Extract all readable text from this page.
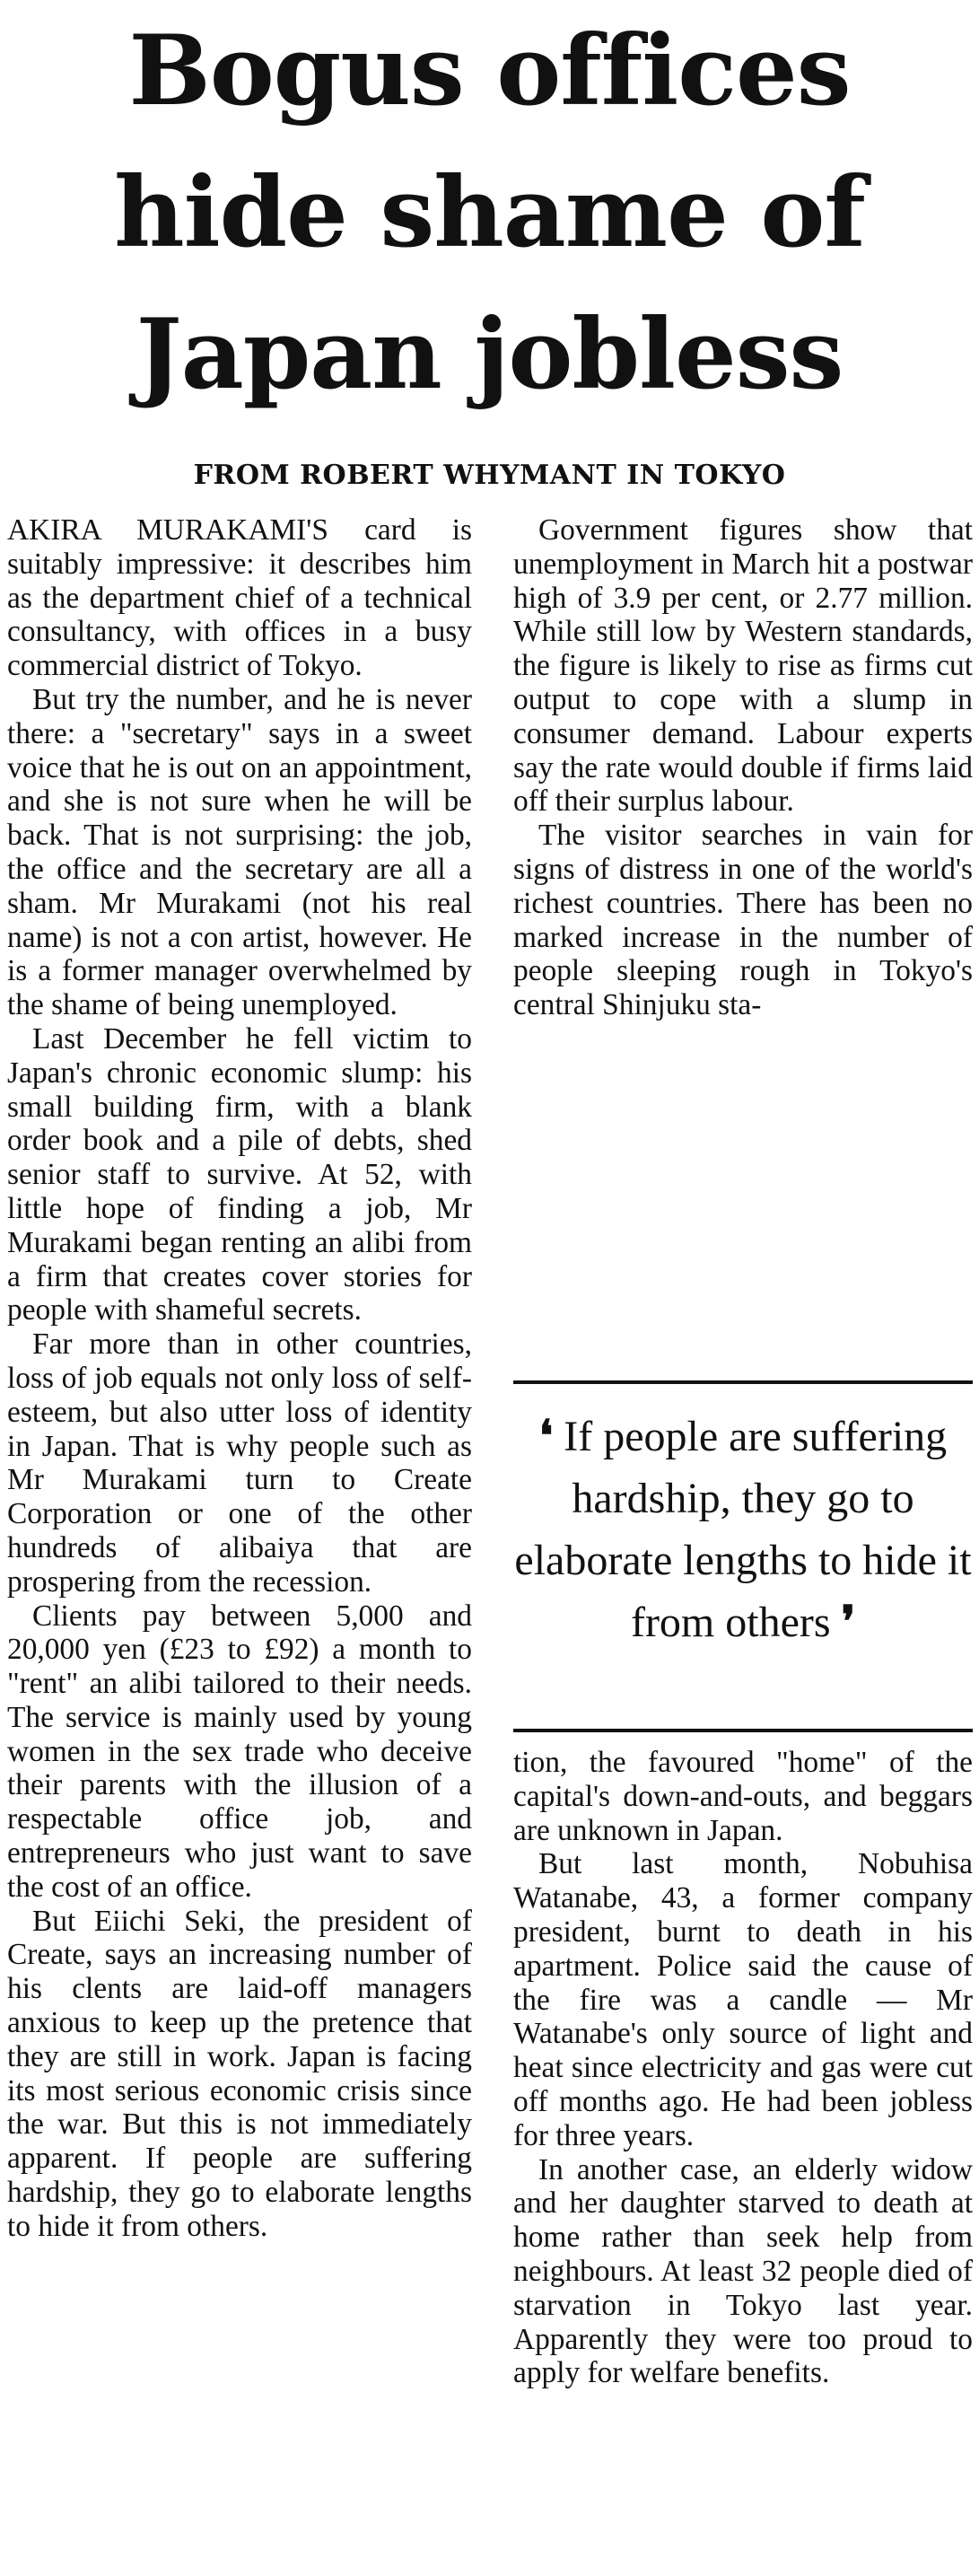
Bogus offices
hide shame of
Japan jobless
FROM ROBERT WHYMANT IN TOKYO

AKIRA MURAKAMI'S card is suitably impressive: it describes him as the department chief of a technical consultancy, with offices in a busy commercial district of Tokyo.

But try the number, and he is never there: a "secretary" says in a sweet voice that he is out on an appointment, and she is not sure when he will be back. That is not surprising: the job, the office and the secretary are all a sham. Mr Murakami (not his real name) is not a con artist, however. He is a former manager overwhelmed by the shame of being unemployed.

Last December he fell victim to Japan's chronic economic slump: his small building firm, with a blank order book and a pile of debts, shed senior staff to survive. At 52, with little hope of finding a job, Mr Murakami began renting an alibi from a firm that creates cover stories for people with shameful secrets.

Far more than in other countries, loss of job equals not only loss of self-esteem, but also utter loss of identity in Japan. That is why people such as Mr Murakami turn to Create Corporation or one of the other hundreds of alibaiya that are prospering from the recession.

Clients pay between 5,000 and 20,000 yen (£23 to £92) a month to "rent" an alibi tailored to their needs. The service is mainly used by young women in the sex trade who deceive their parents with the illusion of a respectable office job, and entrepreneurs who just want to save the cost of an office.

But Eiichi Seki, the president of Create, says an increasing number of his clents are laid-off managers anxious to keep up the pretence that they are still in work. Japan is facing its most serious economic crisis since the war. But this is not immediately apparent. If people are suffering hardship, they go to elaborate lengths to hide it from others.

Government figures show that unemployment in March hit a postwar high of 3.9 per cent, or 2.77 million. While still low by Western standards, the figure is likely to rise as firms cut output to cope with a slump in consumer demand. Labour experts say the rate would double if firms laid off their surplus labour.

The visitor searches in vain for signs of distress in one of the world's richest countries. There has been no marked increase in the number of people sleeping rough in Tokyo's central Shinjuku sta-

❛ If people are suffering hardship, they go to elaborate lengths to hide it from others ❜

tion, the favoured "home" of the capital's down-and-outs, and beggars are unknown in Japan.

But last month, Nobuhisa Watanabe, 43, a former company president, burnt to death in his apartment. Police said the cause of the fire was a candle — Mr Watanabe's only source of light and heat since electricity and gas were cut off months ago. He had been jobless for three years.

In another case, an elderly widow and her daughter starved to death at home rather than seek help from neighbours. At least 32 people died of starvation in Tokyo last year. Apparently they were too proud to apply for welfare benefits.
